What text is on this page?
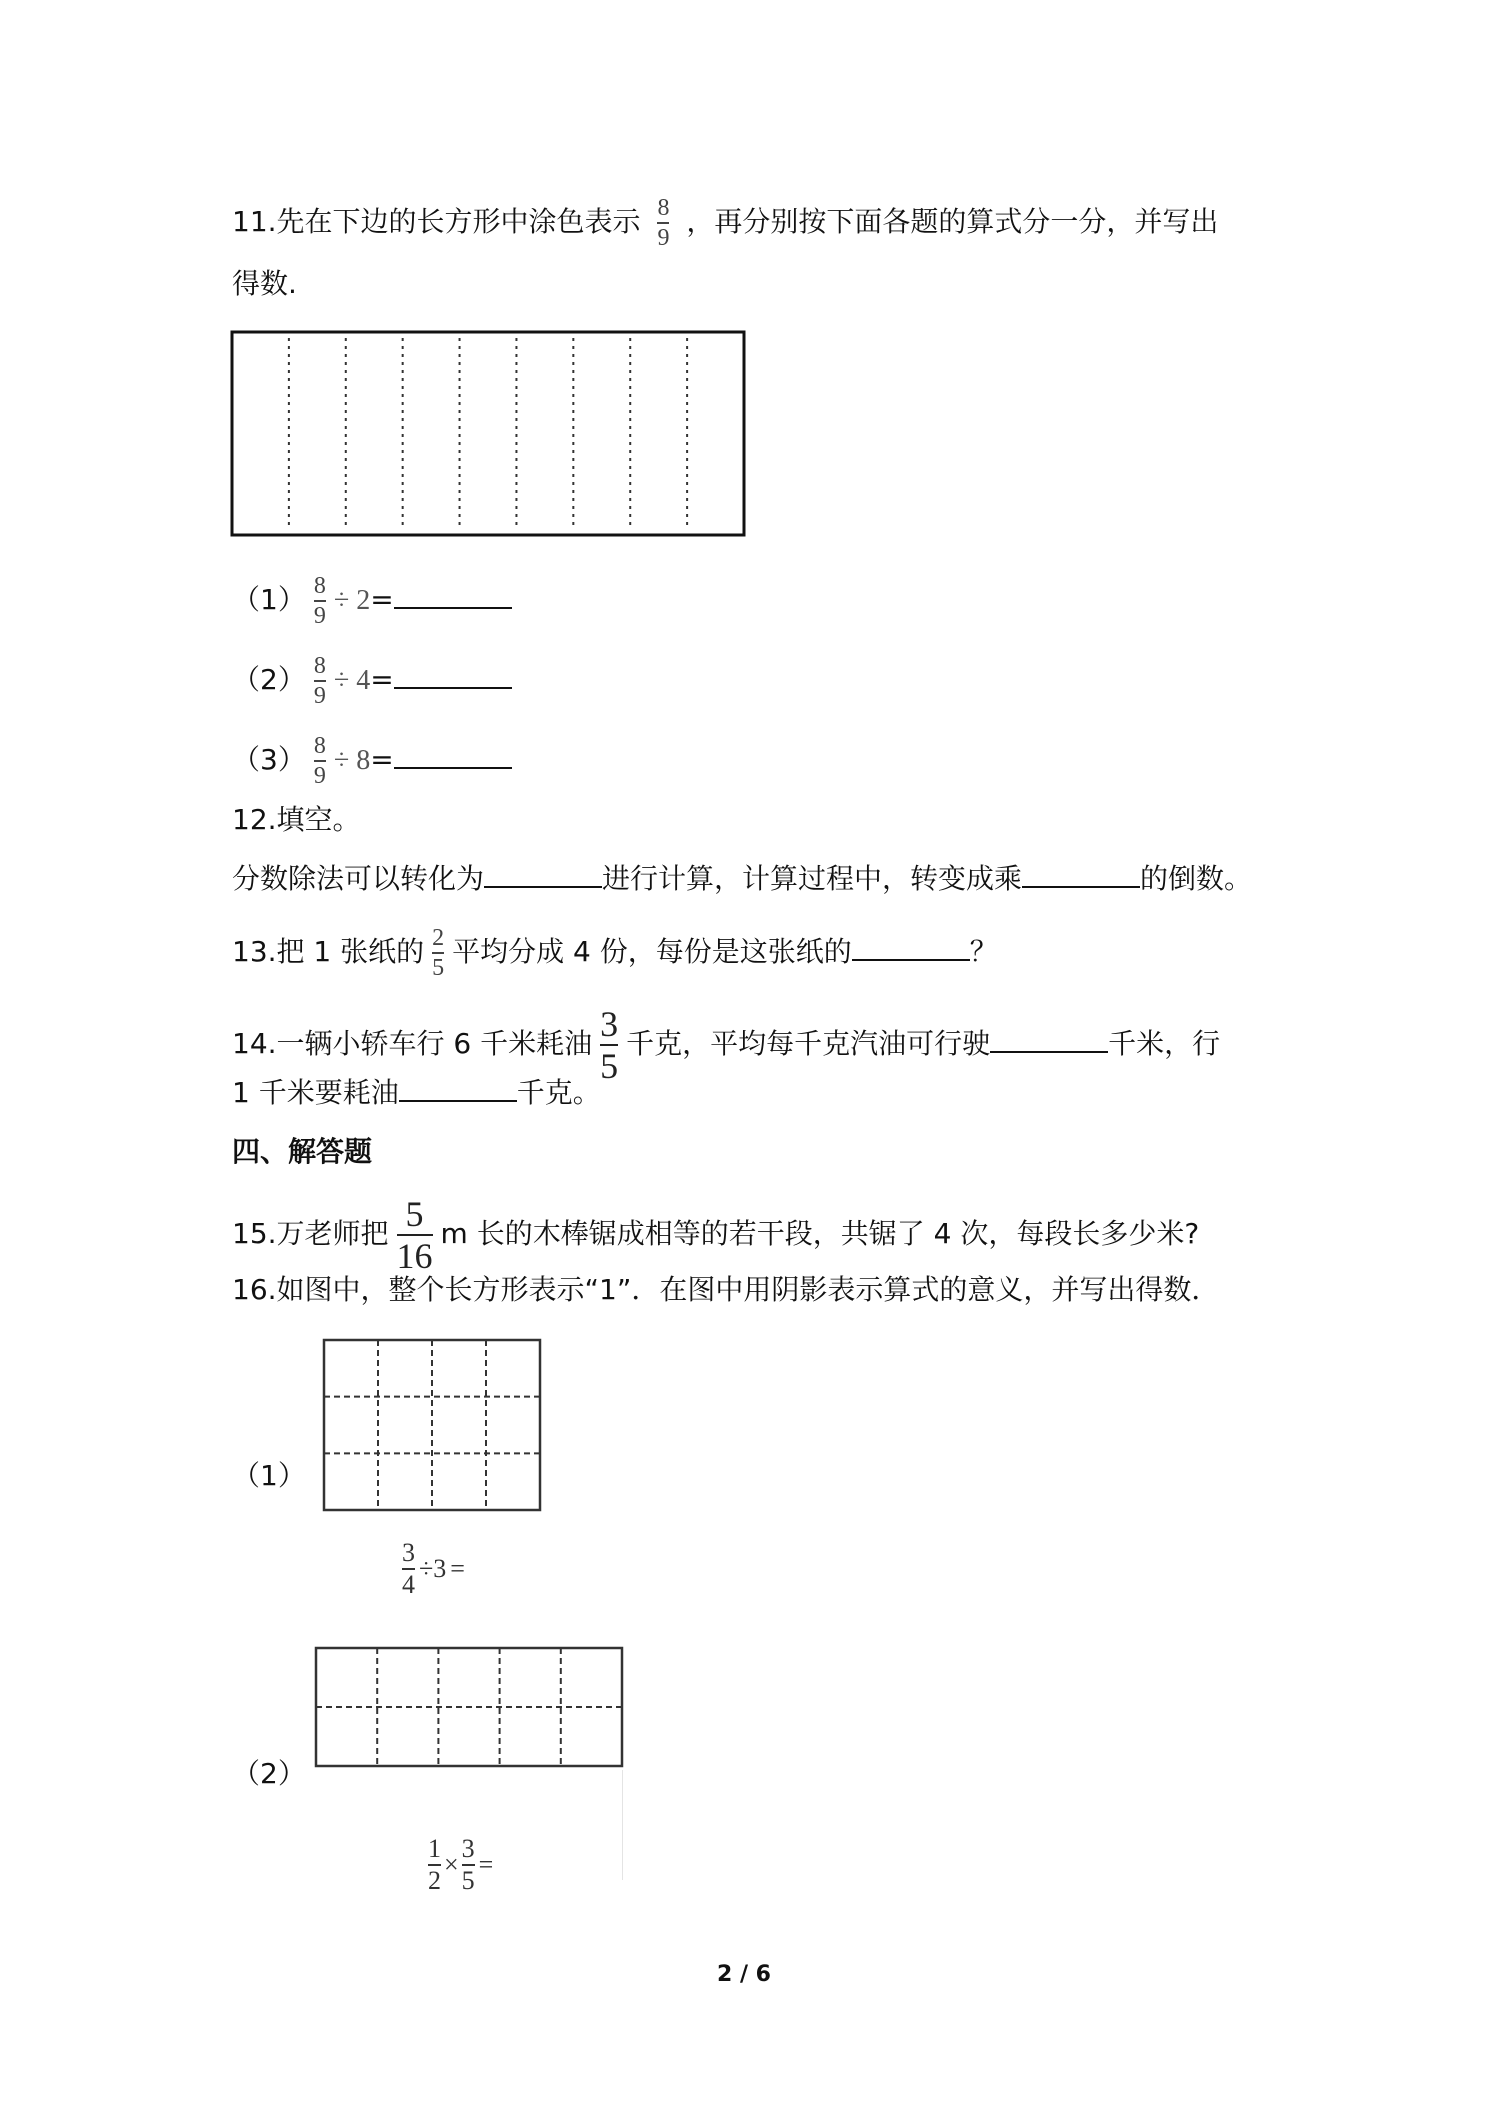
11.先在下边的长方形中涂色表示 $\frac{8}{9}$ ，再分别按下面各题的算式分一分，并写出
得数.
$(1) \frac{8}{9} \div 2=$
$(2) \frac{8}{9} \div 4=$
$(3) \frac{8}{9} \div 8=$
12.填空。
分数除法可以转化为	进行计算，计算过程中，转变成乘	的倒数。
13.把 1 张纸的 $\frac{2}{5}$ 平均分成 4 份，每份是这张纸的	？
14.一辆小轿车行 6 千米耗油 $\frac{3}{5}$ 千克，平均每千克汽油可行驶	千米，行
1 千米要耗油	千克。
四、解答题
15.万老师把 $\frac{5}{16}$ m 长的木棒锯成相等的若干段，共锯了 4 次，每段长多少米?
16.如图中，整个长方形表示“1”．在图中用阴影表示算式的意义，并写出得数．
（1）
$\frac{3}{4} \div 3$ =
（2）
$\frac{1}{2} \times \frac{3}{5}$ =
2 / 6
